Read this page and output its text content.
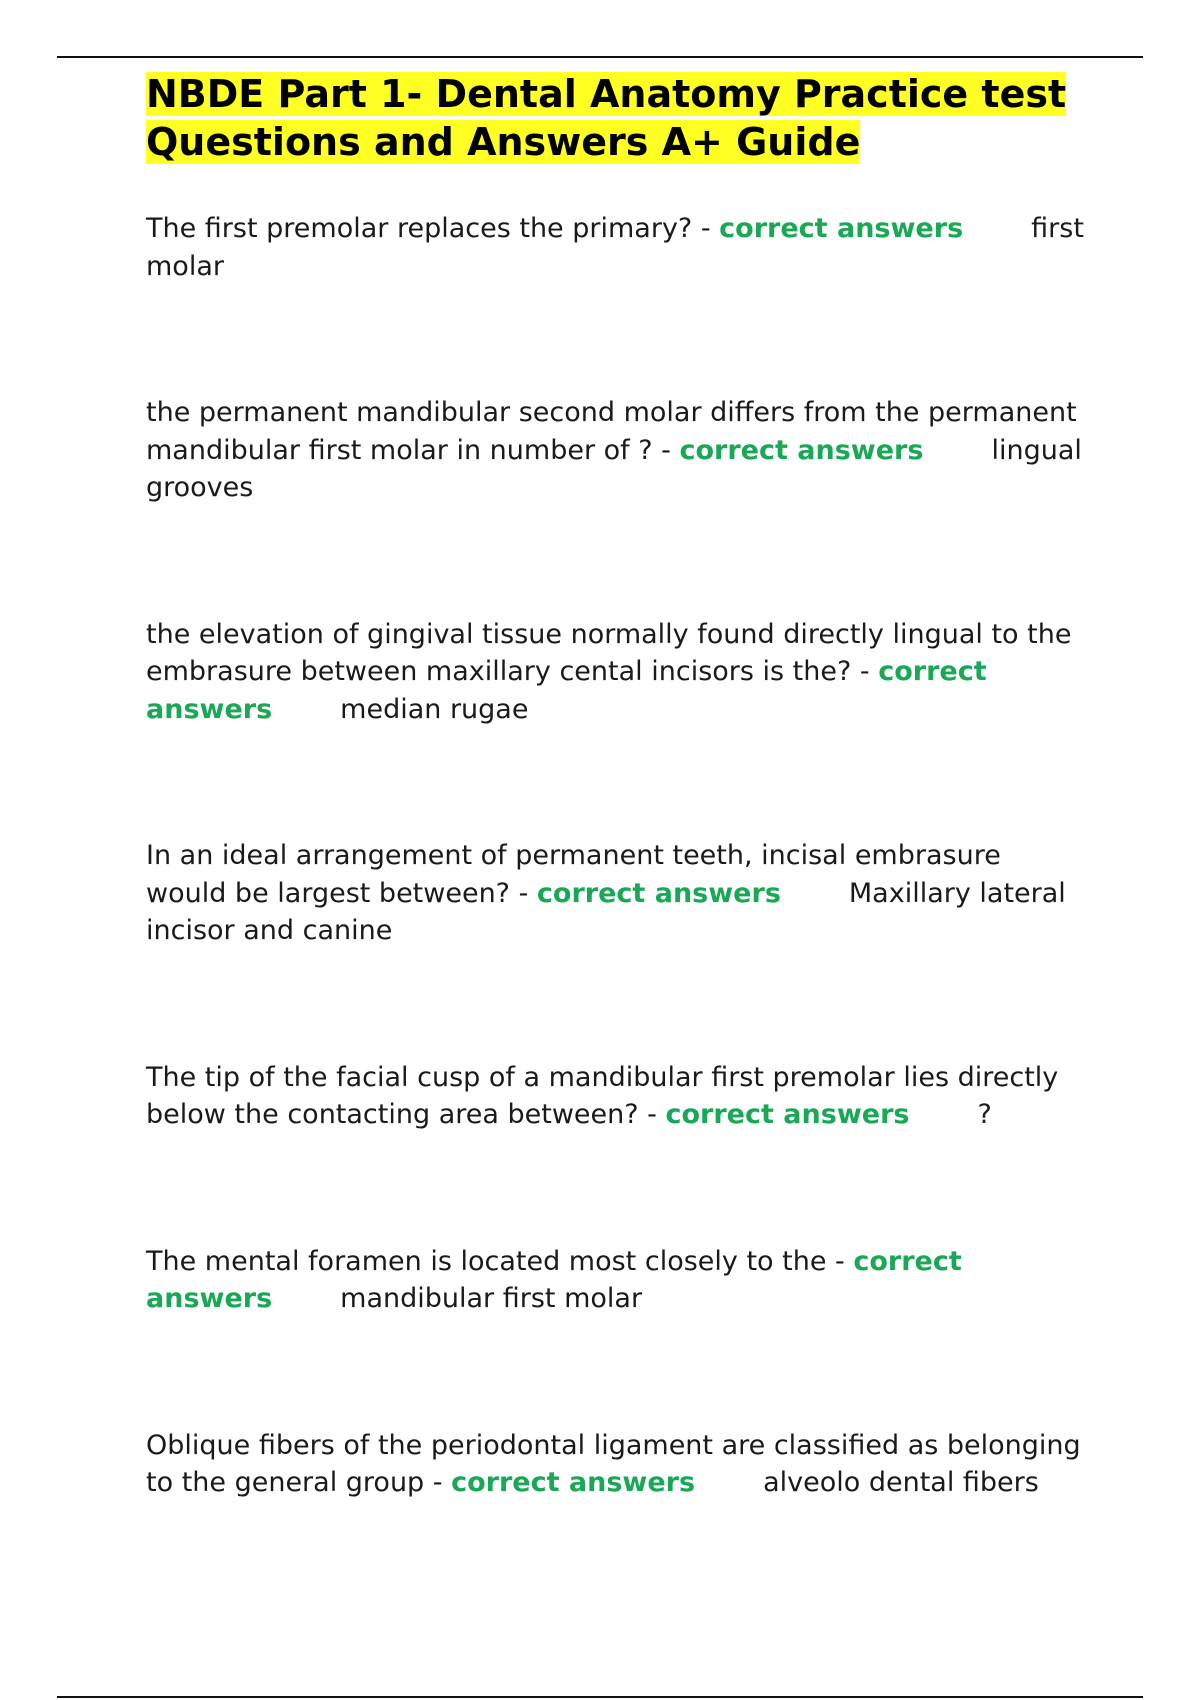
NBDE Part 1- Dental Anatomy Practice test Questions and Answers A+ Guide

The first premolar replaces the primary? - correct answers	first molar

the permanent mandibular second molar differs from the permanent mandibular first molar in number of ? - correct answers	lingual grooves

the elevation of gingival tissue normally found directly lingual to the embrasure between maxillary cental incisors is the? - correct answers	median rugae

In an ideal arrangement of permanent teeth, incisal embrasure would be largest between? - correct answers	Maxillary lateral incisor and canine

The tip of the facial cusp of a mandibular first premolar lies directly below the contacting area between? - correct answers	?

The mental foramen is located most closely to the - correct answers	mandibular first molar

Oblique fibers of the periodontal ligament are classified as belonging to the general group - correct answers	alveolo dental fibers
